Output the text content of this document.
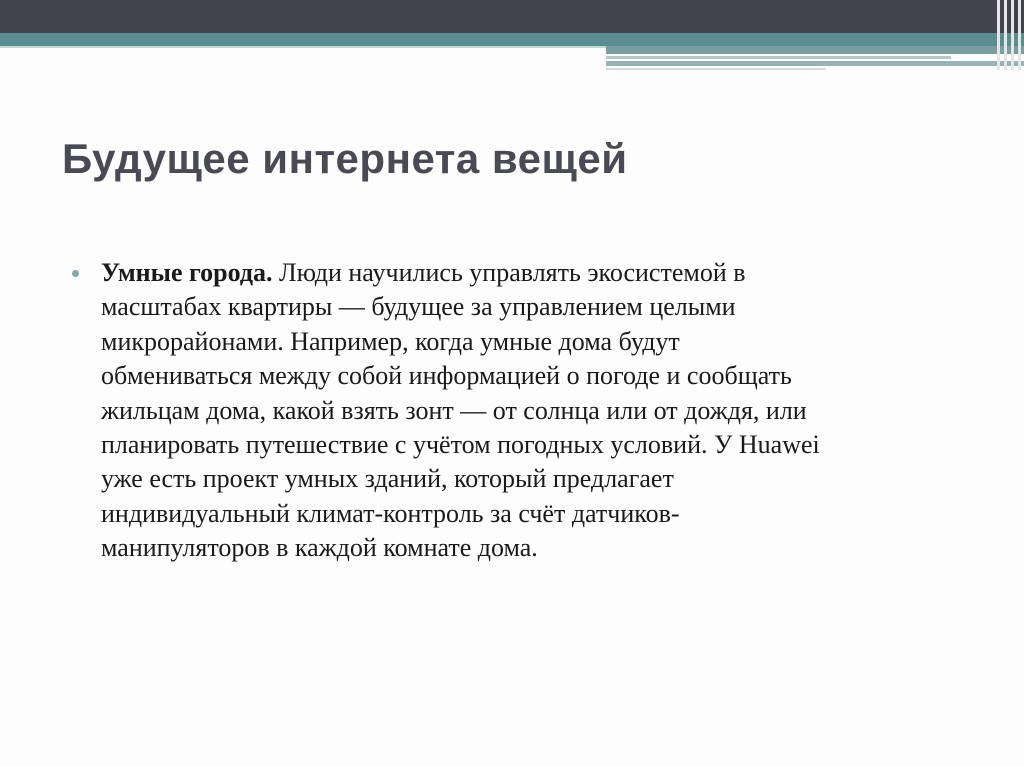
Будущее интернета вещей
Умные города. Люди научились управлять экосистемой в
масштабах квартиры — будущее за управлением целыми
микрорайонами. Например, когда умные дома будут
обмениваться между собой информацией о погоде и сообщать
жильцам дома, какой взять зонт — от солнца или от дождя, или
планировать путешествие с учётом погодных условий. У Huawei
уже есть проект умных зданий, который предлагает
индивидуальный климат-контроль за счёт датчиков-
манипуляторов в каждой комнате дома.
